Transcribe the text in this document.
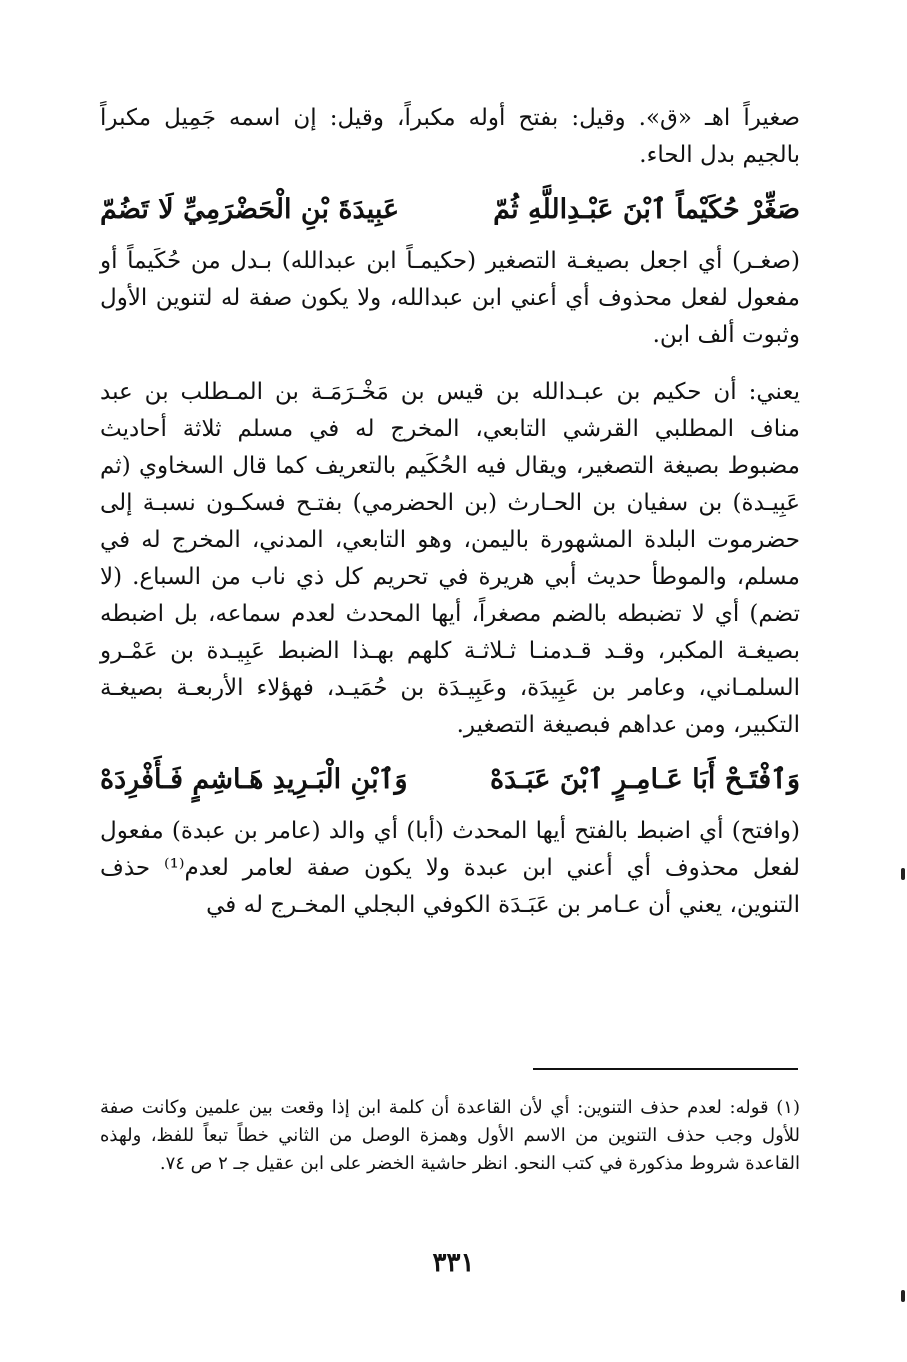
صغيراً اهـ «ق». وقيل: بفتح أوله مكبراً، وقيل: إن اسمه جَمِيل مكبراً بالجيم بدل الحاء.

صَغِّرْ حُكَيْماً ٱبْنَ عَبْـدِاللَّهِ ثُمّ
عَبِيدَةَ بْنِ الْحَضْرَمِيِّ لَا تَضُمّ

(صغـر) أي اجعل بصيغـة التصغير (حكيمـاً ابن عبدالله) بـدل من حُكَيماً أو مفعول لفعل محذوف أي أعني ابن عبدالله، ولا يكون صفة له لتنوين الأول وثبوت ألف ابن.

يعني: أن حكيم بن عبـدالله بن قيس بن مَخْـرَمَـة بن المـطلب بن عبد مناف المطلبي القرشي التابعي، المخرج له في مسلم ثلاثة أحاديث مضبوط بصيغة التصغير، ويقال فيه الحُكَيم بالتعريف كما قال السخاوي (ثم عَبِيـدة) بن سفيان بن الحـارث (بن الحضرمي) بفتـح فسكـون نسبـة إلى حضرموت البلدة المشهورة باليمن، وهو التابعي، المدني، المخرج له في مسلم، والموطأ حديث أبي هريرة في تحريم كل ذي ناب من السباع. (لا تضم) أي لا تضبطه بالضم مصغراً، أيها المحدث لعدم سماعه، بل اضبطه بصيغـة المكبر، وقـد قـدمنـا ثـلاثـة كلهم بهـذا الضبط عَبِيـدة بن عَمْـرو السلمـاني، وعامر بن عَبِيدَة، وعَبِيـدَة بن حُمَيـد، فهؤلاء الأربعـة بصيغـة التكبير، ومن عداهم فبصيغة التصغير.

وَٱفْتَـحْ أَبَا عَـامِـرٍ ٱبْنَ عَبَـدَهْ
وَٱبْنِ الْبَـرِيدِ هَـاشِمٍ فَـأَفْرِدَهْ

(وافتح) أي اضبط بالفتح أيها المحدث (أبا) أي والد (عامر بن عبدة) مفعول لفعل محذوف أي أعني ابن عبدة ولا يكون صفة لعامر لعدم⁽¹⁾ حذف التنوين، يعني أن عـامر بن عَبَـدَة الكوفي البجلي المخـرج له في

(١) قوله: لعدم حذف التنوين: أي لأن القاعدة أن كلمة ابن إذا وقعت بين علمين وكانت صفة للأول وجب حذف التنوين من الاسم الأول وهمزة الوصل من الثاني خطاً تبعاً للفظ، ولهذه القاعدة شروط مذكورة في كتب النحو. انظر حاشية الخضر على ابن عقيل جـ ٢ ص ٧٤.

٣٣١
